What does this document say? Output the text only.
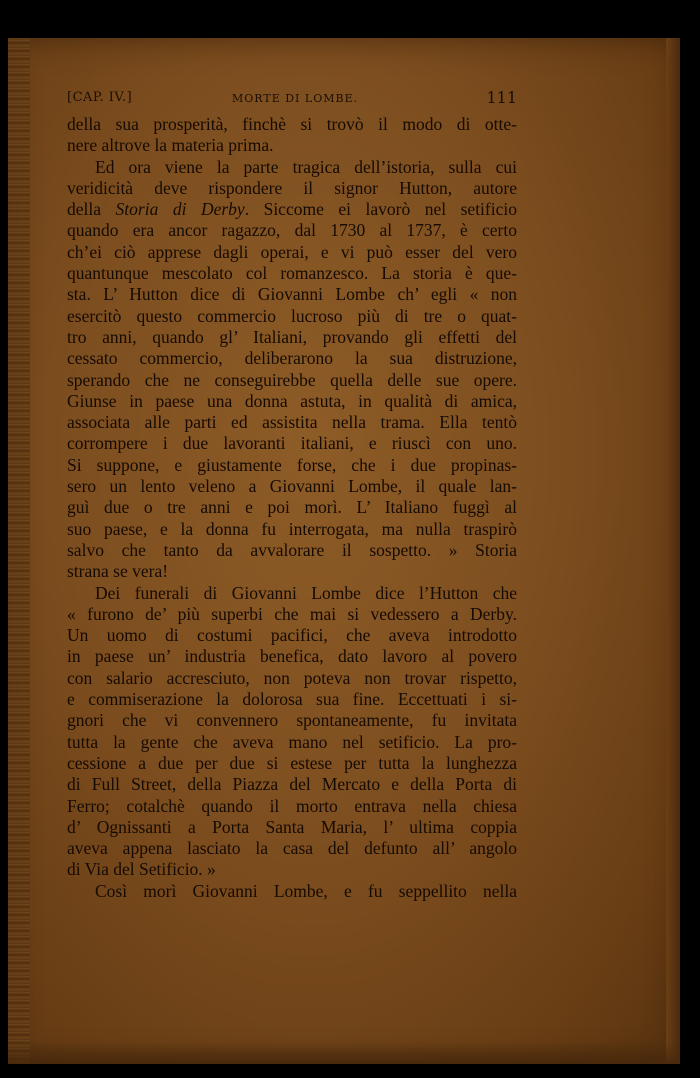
[CAP. IV.]	MORTE DI LOMBE.	111
della sua prosperità, finchè si trovò il modo di otte-
nere altrove la materia prima.
Ed ora viene la parte tragica dell’istoria, sulla cui
veridicità deve rispondere il signor Hutton, autore
della Storia di Derby. Siccome ei lavorò nel setificio
quando era ancor ragazzo, dal 1730 al 1737, è certo
ch’ei ciò apprese dagli operai, e vi può esser del vero
quantunque mescolato col romanzesco. La storia è que-
sta. L’ Hutton dice di Giovanni Lombe ch’ egli « non
esercitò questo commercio lucroso più di tre o quat-
tro anni, quando gl’ Italiani, provando gli effetti del
cessato commercio, deliberarono la sua distruzione,
sperando che ne conseguirebbe quella delle sue opere.
Giunse in paese una donna astuta, in qualità di amica,
associata alle parti ed assistita nella trama. Ella tentò
corrompere i due lavoranti italiani, e riuscì con uno.
Si suppone, e giustamente forse, che i due propinas-
sero un lento veleno a Giovanni Lombe, il quale lan-
guì due o tre anni e poi morì. L’ Italiano fuggì al
suo paese, e la donna fu interrogata, ma nulla traspirò
salvo che tanto da avvalorare il sospetto. » Storia
strana se vera!
Dei funerali di Giovanni Lombe dice l’Hutton che
« furono de’ più superbi che mai si vedessero a Derby.
Un uomo di costumi pacifici, che aveva introdotto
in paese un’ industria benefica, dato lavoro al povero
con salario accresciuto, non poteva non trovar rispetto,
e commiserazione la dolorosa sua fine. Eccettuati i si-
gnori che vi convennero spontaneamente, fu invitata
tutta la gente che aveva mano nel setificio. La pro-
cessione a due per due si estese per tutta la lunghezza
di Full Street, della Piazza del Mercato e della Porta di
Ferro; cotalchè quando il morto entrava nella chiesa
d’ Ognissanti a Porta Santa Maria, l’ ultima coppia
aveva appena lasciato la casa del defunto all’ angolo
di Via del Setificio. »
Così morì Giovanni Lombe, e fu seppellito nella
